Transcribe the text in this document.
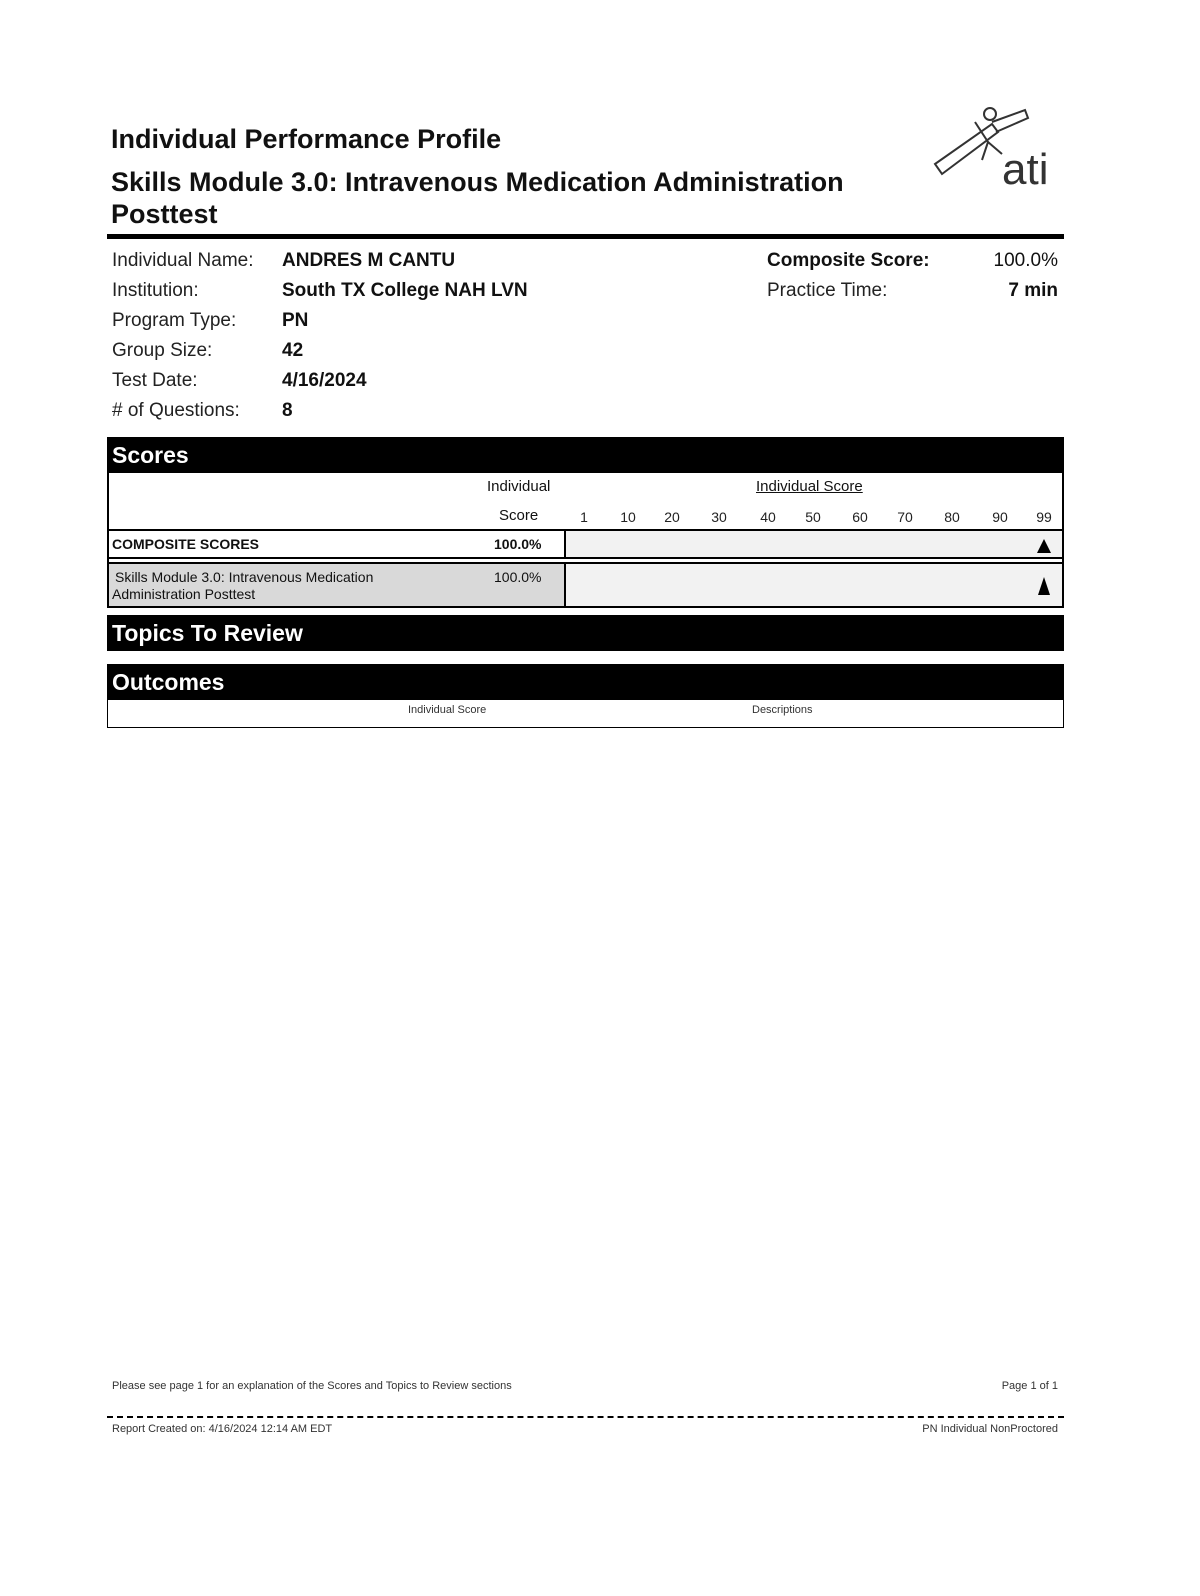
Individual Performance Profile
Skills Module 3.0: Intravenous Medication Administration Posttest
ati
Individual Name: ANDRES M CANTU
Institution:	South TX College NAH LVN
Program Type: PN
Group Size:	42
Test Date:	4/16/2024
# of Questions: 8
Composite Score:	100.0%
Practice Time:	7 min
Scores
Individual
Score
Individual Score
1	10	20	30	40	50	60	70	80	90	99
COMPOSITE SCORES	100.0%
Skills Module 3.0: Intravenous Medication
Administration Posttest
100.0%
Topics To Review
Outcomes
Individual Score	Descriptions
Please see page 1 for an explanation of the Scores and Topics to Review sections	Page 1 of 1
Report Created on: 4/16/2024 12:14 AM EDT	PN Individual NonProctored
